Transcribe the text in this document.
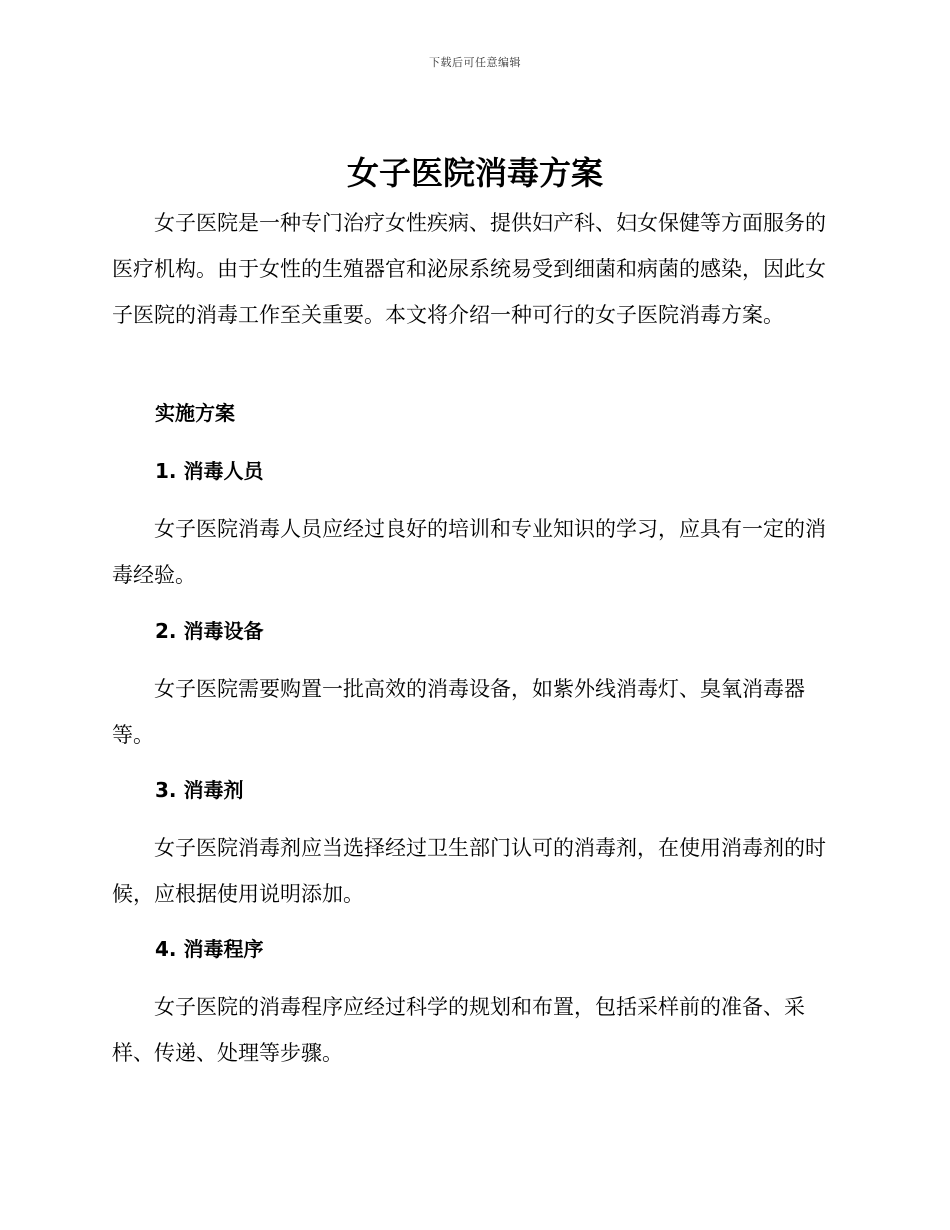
下载后可任意编辑
女子医院消毒方案

女子医院是一种专门治疗女性疾病、提供妇产科、妇女保健等方面服务的医疗机构。由于女性的生殖器官和泌尿系统易受到细菌和病菌的感染，因此女子医院的消毒工作至关重要。本文将介绍一种可行的女子医院消毒方案。

实施方案
1. 消毒人员

女子医院消毒人员应经过良好的培训和专业知识的学习，应具有一定的消毒经验。

2. 消毒设备

女子医院需要购置一批高效的消毒设备，如紫外线消毒灯、臭氧消毒器等。

3. 消毒剂

女子医院消毒剂应当选择经过卫生部门认可的消毒剂，在使用消毒剂的时候，应根据使用说明添加。

4. 消毒程序

女子医院的消毒程序应经过科学的规划和布置，包括采样前的准备、采样、传递、处理等步骤。
